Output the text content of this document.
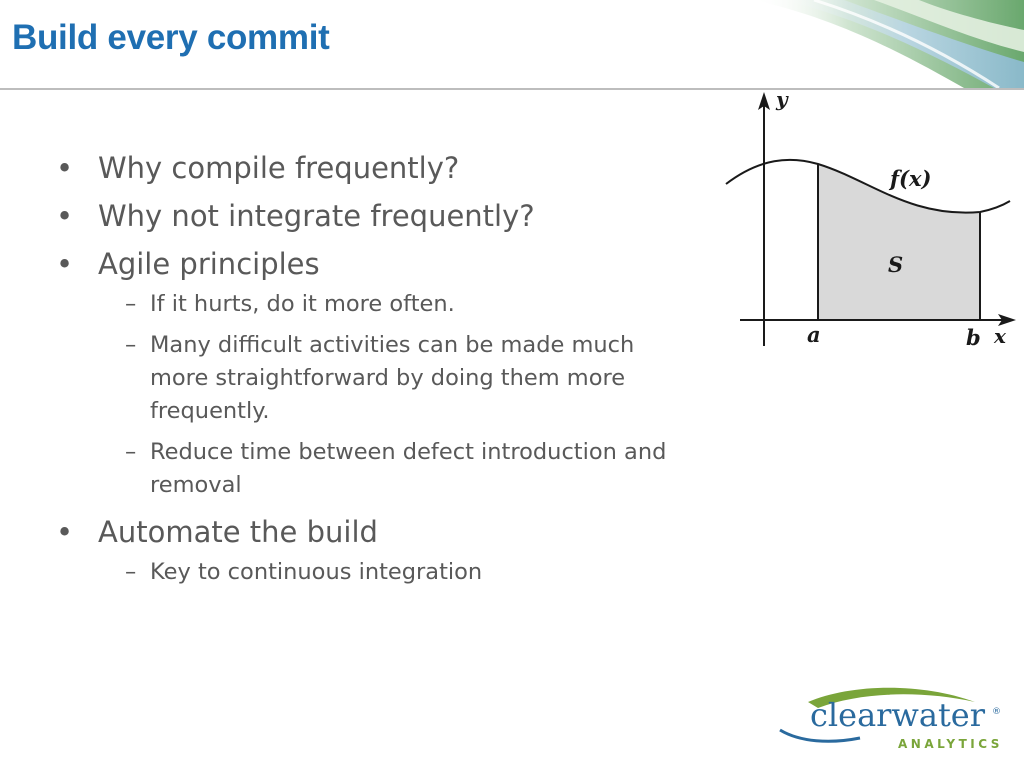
Build every commit
• Why compile frequently?
• Why not integrate frequently?
• Agile principles
– If it hurts, do it more often.
– Many difficult activities can be made much more straightforward by doing them more frequently.
– Reduce time between defect introduction and removal
• Automate the build
– Key to continuous integration
y
x
f(x)
S
a	b
clearwater ®
ANALYTICS
